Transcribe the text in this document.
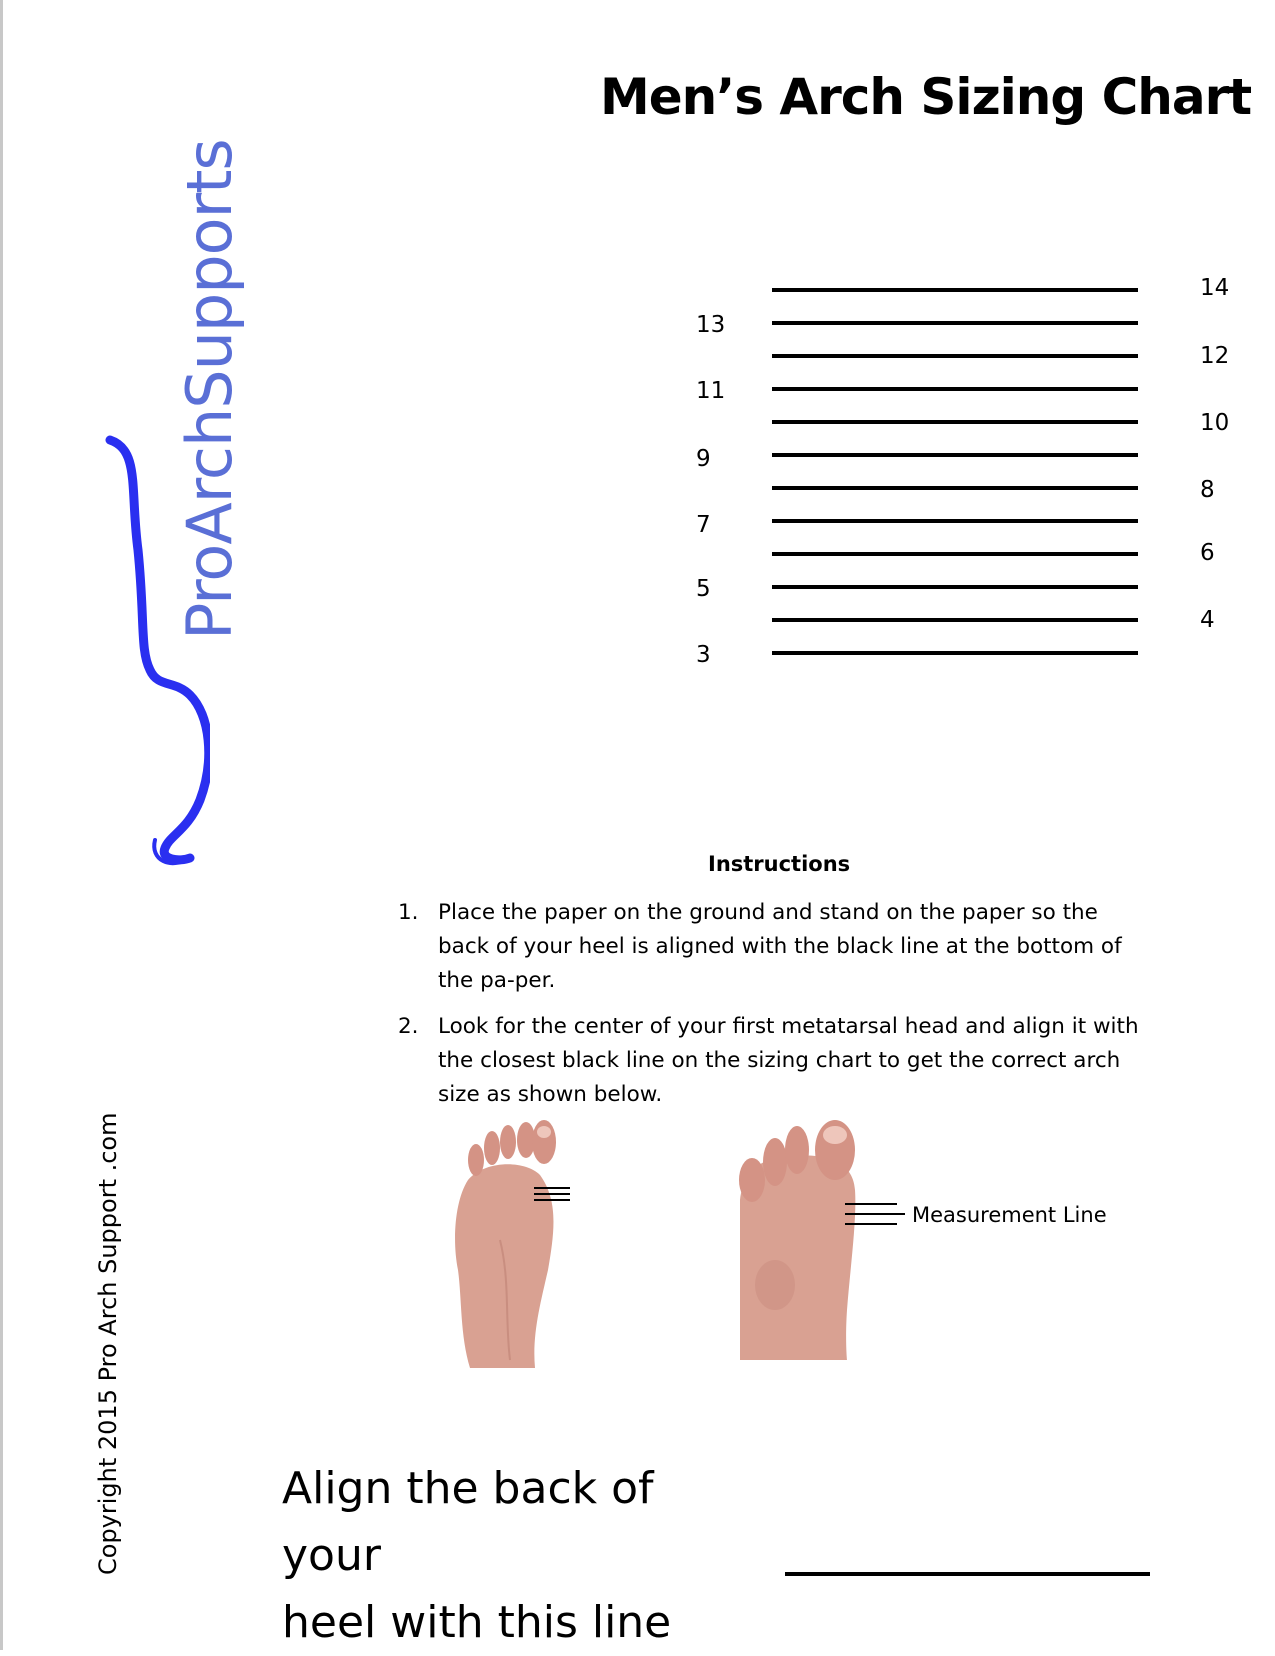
Men’s Arch Sizing Chart
ProArchSupports
Copyright 2015 Pro Arch Support .com
13
11
9
7
5
3
14
12
10
8
6
4
Instructions
1. Place the paper on the ground and stand on the paper so the back of your heel is aligned with the black line at the bottom of the pa-per.
2. Look for the center of your first metatarsal head and align it with the closest black line on the sizing chart to get the correct arch size as shown below.
Measurement Line
Align the back of your
heel with this line
